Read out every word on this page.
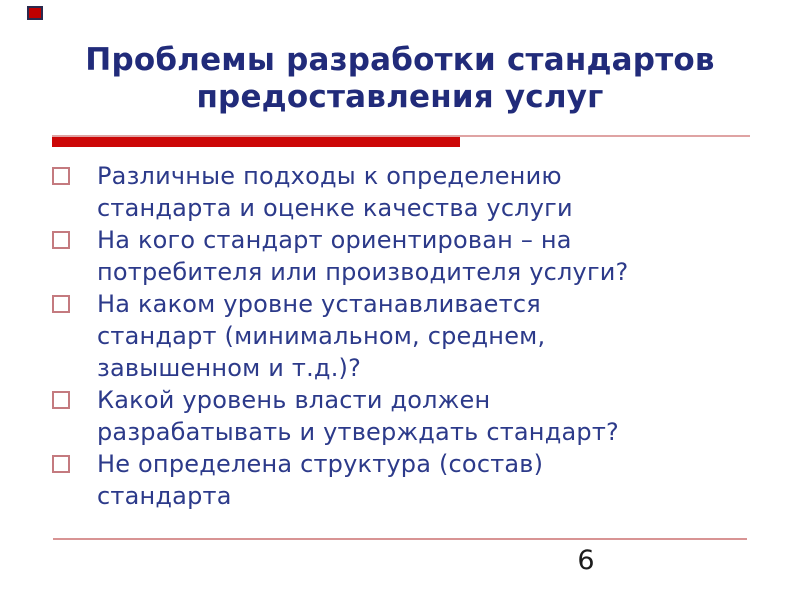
Проблемы разработки стандартов
предоставления услуг
Различные подходы к определению
стандарта и оценке качества услуги
На кого стандарт ориентирован – на
потребителя или производителя услуги?
На каком уровне устанавливается
стандарт (минимальном, среднем,
завышенном и т.д.)?
Какой уровень власти должен
разрабатывать и утверждать стандарт?
Не определена структура (состав)
стандарта
6
